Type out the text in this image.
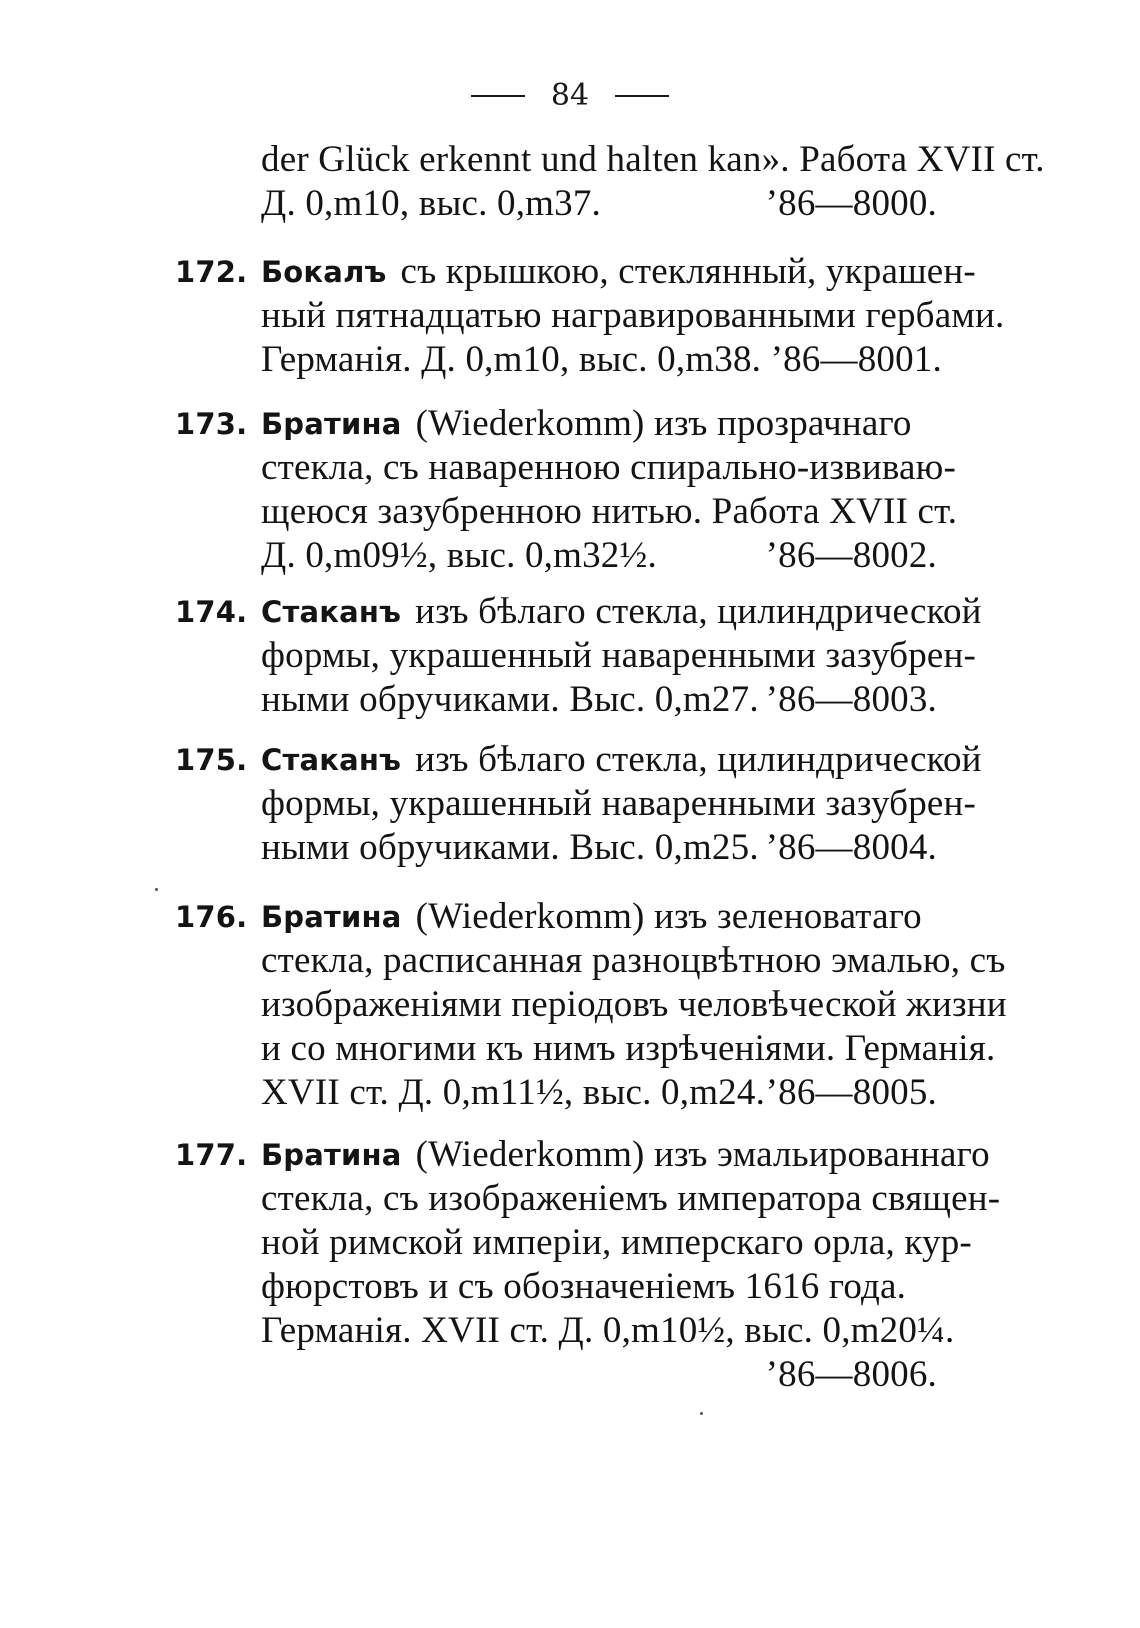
84
der Glück erkennt und halten kan». Работа XVII ст.
Д. 0,m10, выс. 0,m37.	’86—8000.
172. Бокалъ съ крышкою, стеклянный, украшен-
ный пятнадцатью награвированными гербами.
Германія. Д. 0,m10, выс. 0,m38. ’86—8001.
173. Братина (Wiederkomm) изъ прозрачнаго
стекла, съ наваренною спирально-извиваю-
щеюся зазубренною нитью. Работа XVII ст.
Д. 0,m09½, выс. 0,m32½.	’86—8002.
174. Стаканъ изъ бѣлаго стекла, цилиндрической
формы, украшенный наваренными зазубрен-
ными обручиками. Выс. 0,m27. ’86—8003.
175. Стаканъ изъ бѣлаго стекла, цилиндрической
формы, украшенный наваренными зазубрен-
ными обручиками. Выс. 0,m25. ’86—8004.
176. Братина (Wiederkomm) изъ зеленоватаго
стекла, расписанная разноцвѣтною эмалью, съ
изображеніями періодовъ человѣческой жизни
и со многими къ нимъ изрѣченіями. Германія.
XVII ст. Д. 0,m11½, выс. 0,m24. ’86—8005.
177. Братина (Wiederkomm) изъ эмальированнаго
стекла, съ изображеніемъ императора священ-
ной римской имперіи, имперскаго орла, кур-
фюрстовъ и съ обозначеніемъ 1616 года.
Германія. XVII ст. Д. 0,m10½, выс. 0,m20¼.
’86—8006.
